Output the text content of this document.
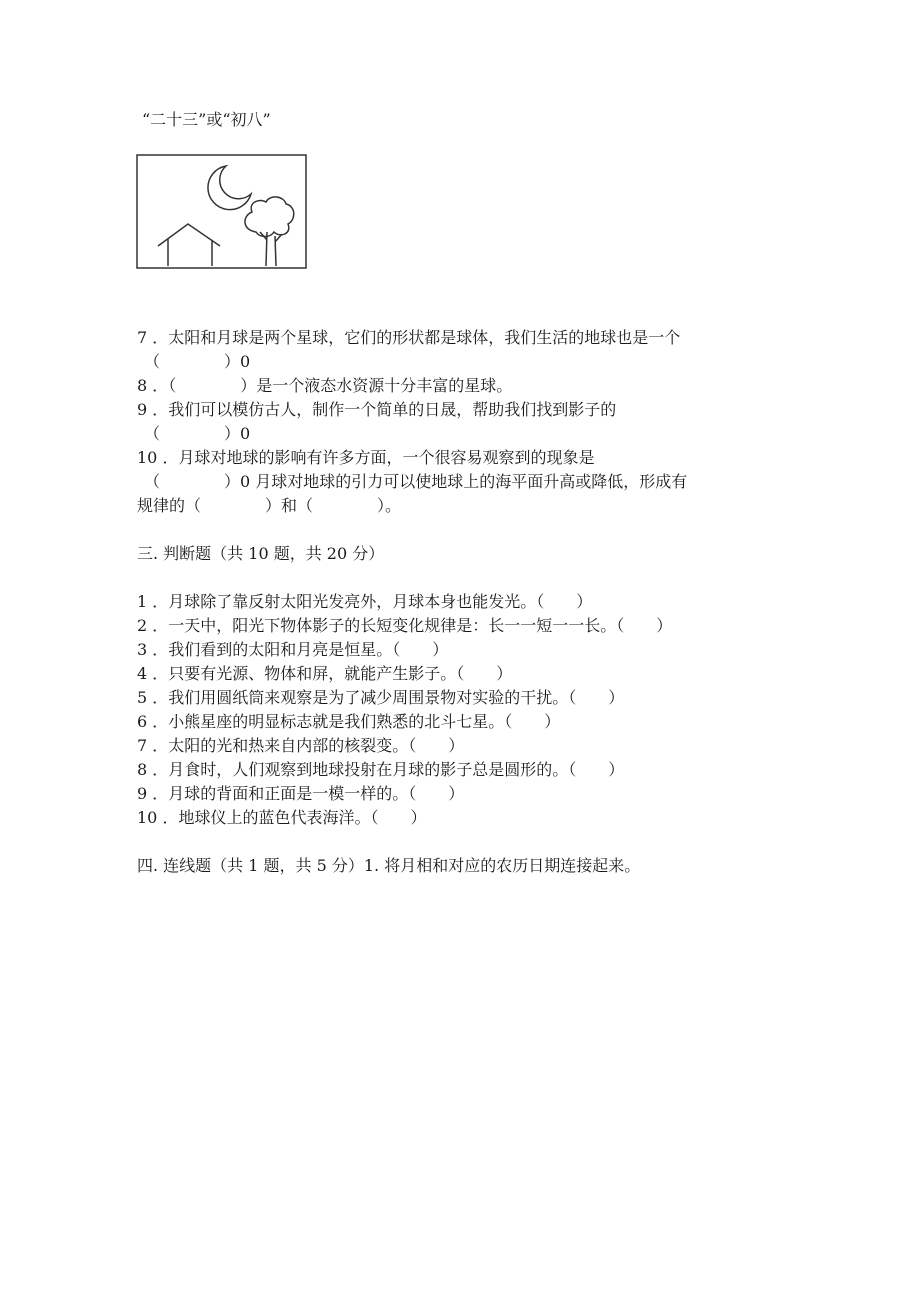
“二十三”或“初八”
7 ．太阳和月球是两个星球，它们的形状都是球体，我们生活的地球也是一个
（　　　　）0
8 ．（　　　　）是一个液态水资源十分丰富的星球。
9 ．我们可以模仿古人，制作一个简单的日晟，帮助我们找到影子的
（　　　　）0
10 ．月球对地球的影响有许多方面，一个很容易观察到的现象是
（　　　　）0 月球对地球的引力可以使地球上的海平面升高或降低，形成有
规律的（　　　　）和（　　　　）。
三. 判断题（共 10 题，共 20 分）
1 ．月球除了靠反射太阳光发亮外，月球本身也能发光。（　　）
2 ．一天中，阳光下物体影子的长短变化规律是：长一一短一一长。（　　）
3 ．我们看到的太阳和月亮是恒星。（　　）
4 ．只要有光源、物体和屏，就能产生影子。（　　）
5 ．我们用圆纸筒来观察是为了减少周围景物对实验的干扰。（　　）
6 ．小熊星座的明显标志就是我们熟悉的北斗七星。（　　）
7 ．太阳的光和热来自内部的核裂变。（　　）
8 ．月食时，人们观察到地球投射在月球的影子总是圆形的。（　　）
9 ．月球的背面和正面是一模一样的。（　　）
10 ．地球仪上的蓝色代表海洋。（　　）
四. 连线题（共 1 题，共 5 分）1. 将月相和对应的农历日期连接起来。
